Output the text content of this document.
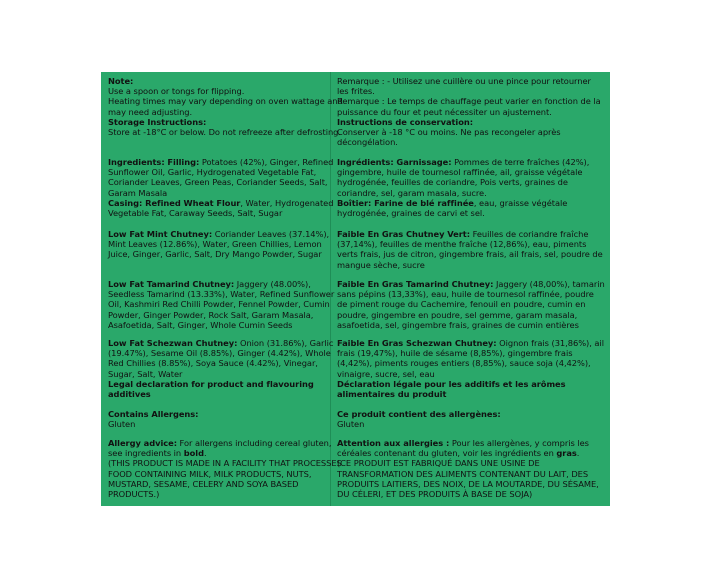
Note:
Use a spoon or tongs for flipping.
Heating times may vary depending on oven wattage and may need adjusting.
Storage Instructions:
Store at -18°C or below. Do not refreeze after defrosting.
Ingredients: Filling: Potatoes (42%), Ginger, Refined Sunflower Oil, Garlic, Hydrogenated Vegetable Fat, Coriander Leaves, Green Peas, Coriander Seeds, Salt, Garam Masala
Casing: Refined Wheat Flour, Water, Hydrogenated Vegetable Fat, Caraway Seeds, Salt, Sugar
Low Fat Mint Chutney: Coriander Leaves (37.14%), Mint Leaves (12.86%), Water, Green Chillies, Lemon Juice, Ginger, Garlic, Salt, Dry Mango Powder, Sugar
Low Fat Tamarind Chutney: Jaggery (48.00%), Seedless Tamarind (13.33%), Water, Refined Sunflower Oil, Kashmiri Red Chilli Powder, Fennel Powder, Cumin Powder, Ginger Powder, Rock Salt, Garam Masala, Asafoetida, Salt, Ginger, Whole Cumin Seeds
Low Fat Schezwan Chutney: Onion (31.86%), Garlic (19.47%), Sesame Oil (8.85%), Ginger (4.42%), Whole Red Chillies (8.85%), Soya Sauce (4.42%), Vinegar, Sugar, Salt, Water
Legal declaration for product and flavouring additives
Contains Allergens:
Gluten
Allergy advice: For allergens including cereal gluten, see ingredients in bold.
(THIS PRODUCT IS MADE IN A FACILITY THAT PROCESSES FOOD CONTAINING MILK, MILK PRODUCTS, NUTS, MUSTARD, SESAME, CELERY AND SOYA BASED PRODUCTS.)
Remarque : - Utilisez une cuillère ou une pince pour retourner les frites.
Remarque : Le temps de chauffage peut varier en fonction de la puissance du four et peut nécessiter un ajustement.
Instructions de conservation:
Conserver à -18 °C ou moins. Ne pas recongeler après décongélation.
Ingrédients: Garnissage: Pommes de terre fraîches (42%), gingembre, huile de tournesol raffinée, ail, graisse végétale hydrogénée, feuilles de coriandre, Pois verts, graines de coriandre, sel, garam masala, sucre.
Boîtier: Farine de blé raffinée, eau, graisse végétale hydrogénée, graines de carvi et sel.
Faible En Gras Chutney Vert: Feuilles de coriandre fraîche (37,14%), feuilles de menthe fraîche (12,86%), eau, piments verts frais, jus de citron, gingembre frais, ail frais, sel, poudre de mangue sèche, sucre
Faible En Gras Tamarind Chutney: Jaggery (48,00%), tamarin sans pépins (13,33%), eau, huile de tournesol raffinée, poudre de piment rouge du Cachemire, fenouil en poudre, cumin en poudre, gingembre en poudre, sel gemme, garam masala, asafoetida, sel, gingembre frais, graines de cumin entières
Faible En Gras Schezwan Chutney: Oignon frais (31,86%), ail frais (19,47%), huile de sésame (8,85%), gingembre frais (4,42%), piments rouges entiers (8,85%), sauce soja (4,42%), vinaigre, sucre, sel, eau
Déclaration légale pour les additifs et les arômes alimentaires du produit
Ce produit contient des allergènes:
Gluten
Attention aux allergies : Pour les allergènes, y compris les céréales contenant du gluten, voir les ingrédients en gras.
(CE PRODUIT EST FABRIQUÉ DANS UNE USINE DE TRANSFORMATION DES ALIMENTS CONTENANT DU LAIT, DES PRODUITS LAITIERS, DES NOIX, DE LA MOUTARDE, DU SÉSAME, DU CÉLERI, ET DES PRODUITS À BASE DE SOJA)
